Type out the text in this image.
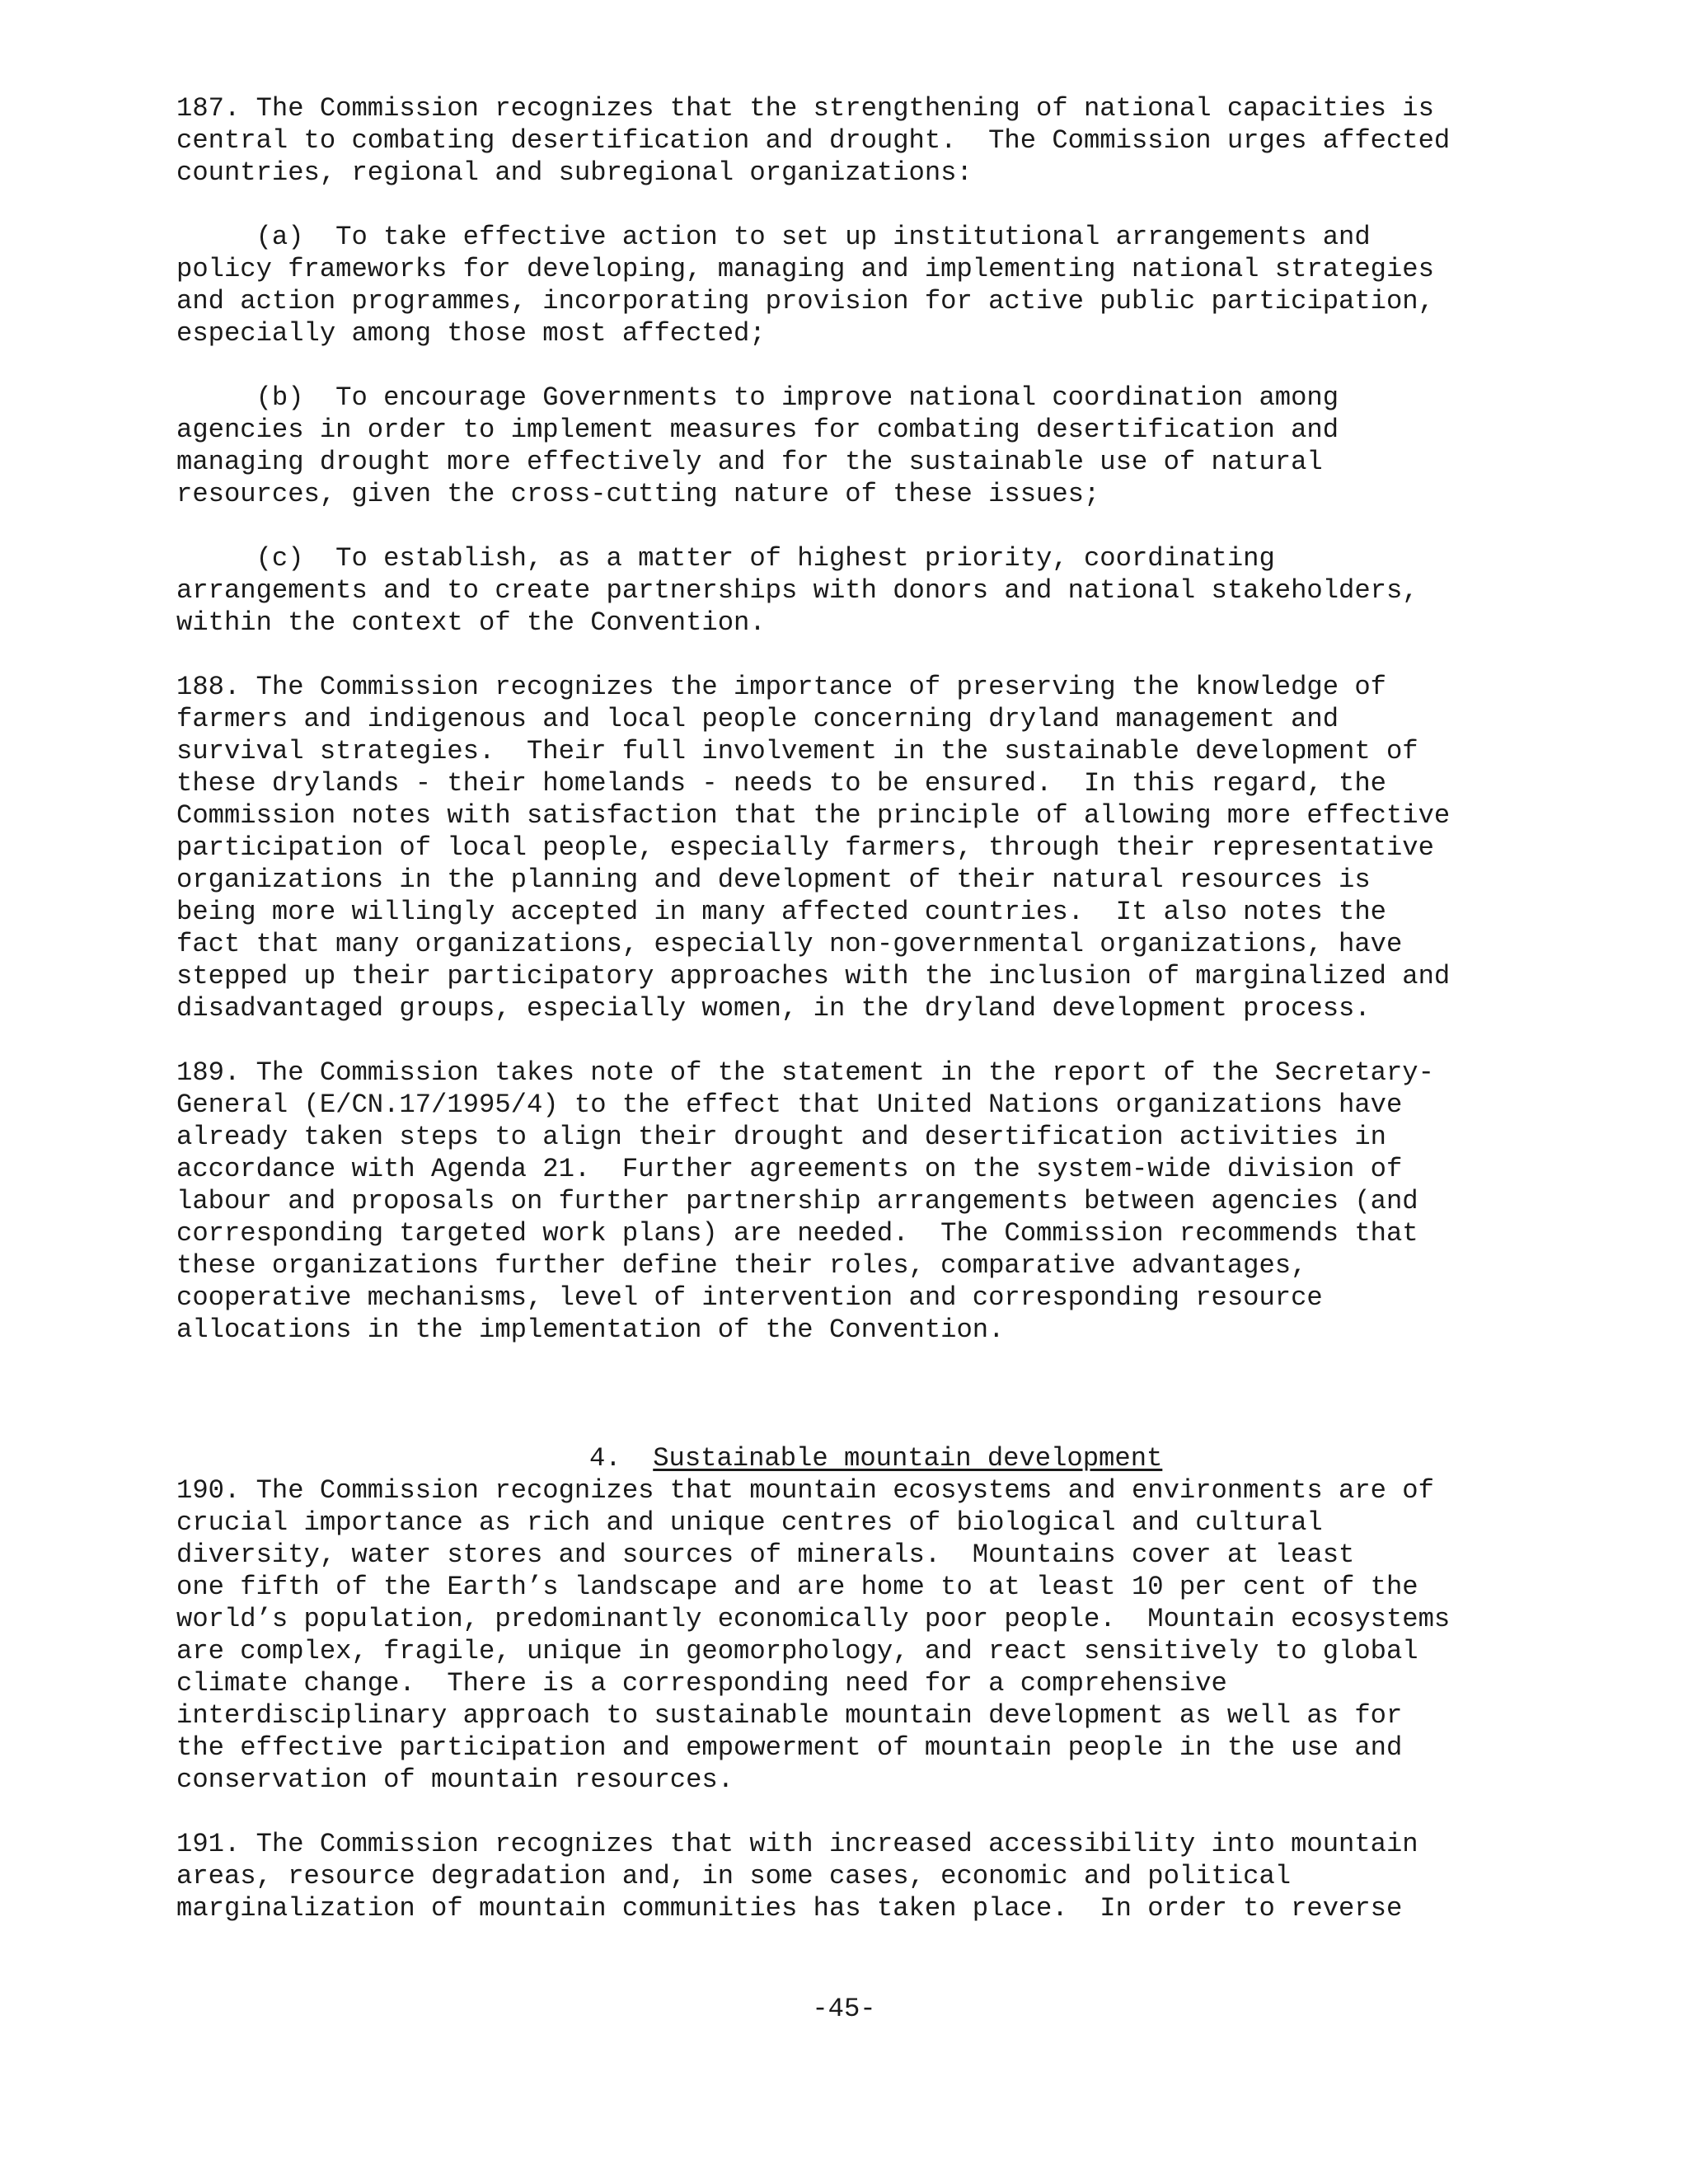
187. The Commission recognizes that the strengthening of national capacities is
central to combating desertification and drought.  The Commission urges affected
countries, regional and subregional organizations:
(a)  To take effective action to set up institutional arrangements and
policy frameworks for developing, managing and implementing national strategies
and action programmes, incorporating provision for active public participation,
especially among those most affected;
(b)  To encourage Governments to improve national coordination among
agencies in order to implement measures for combating desertification and
managing drought more effectively and for the sustainable use of natural
resources, given the cross-cutting nature of these issues;
(c)  To establish, as a matter of highest priority, coordinating
arrangements and to create partnerships with donors and national stakeholders,
within the context of the Convention.
188. The Commission recognizes the importance of preserving the knowledge of
farmers and indigenous and local people concerning dryland management and
survival strategies.  Their full involvement in the sustainable development of
these drylands - their homelands - needs to be ensured.  In this regard, the
Commission notes with satisfaction that the principle of allowing more effective
participation of local people, especially farmers, through their representative
organizations in the planning and development of their natural resources is
being more willingly accepted in many affected countries.  It also notes the
fact that many organizations, especially non-governmental organizations, have
stepped up their participatory approaches with the inclusion of marginalized and
disadvantaged groups, especially women, in the dryland development process.
189. The Commission takes note of the statement in the report of the Secretary-
General (E/CN.17/1995/4) to the effect that United Nations organizations have
already taken steps to align their drought and desertification activities in
accordance with Agenda 21.  Further agreements on the system-wide division of
labour and proposals on further partnership arrangements between agencies (and
corresponding targeted work plans) are needed.  The Commission recommends that
these organizations further define their roles, comparative advantages,
cooperative mechanisms, level of intervention and corresponding resource
allocations in the implementation of the Convention.

4. Sustainable mountain development

190. The Commission recognizes that mountain ecosystems and environments are of
crucial importance as rich and unique centres of biological and cultural
diversity, water stores and sources of minerals.  Mountains cover at least
one fifth of the Earth’s landscape and are home to at least 10 per cent of the
world’s population, predominantly economically poor people.  Mountain ecosystems
are complex, fragile, unique in geomorphology, and react sensitively to global
climate change.  There is a corresponding need for a comprehensive
interdisciplinary approach to sustainable mountain development as well as for
the effective participation and empowerment of mountain people in the use and
conservation of mountain resources.
191. The Commission recognizes that with increased accessibility into mountain
areas, resource degradation and, in some cases, economic and political
marginalization of mountain communities has taken place.  In order to reverse
-45-
